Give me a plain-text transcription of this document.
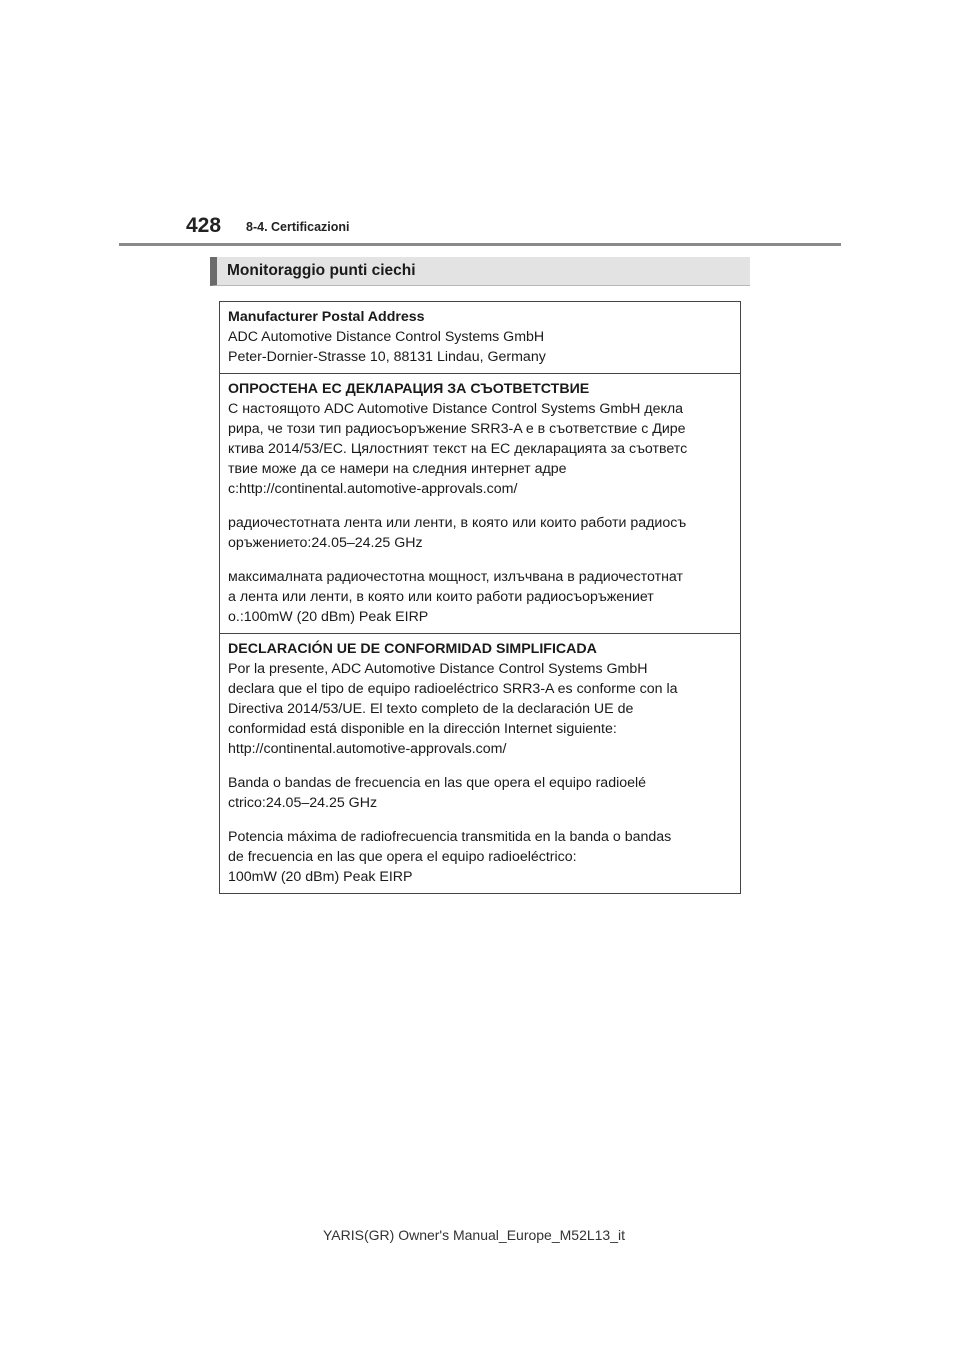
428 8-4. Certificazioni
Monitoraggio punti ciechi
Manufacturer Postal Address
ADC Automotive Distance Control Systems GmbH
Peter-Dornier-Strasse 10, 88131 Lindau, Germany
ОПРОСТЕНА ЕС ДЕКЛАРАЦИЯ ЗА СЪОТВЕТСТВИЕ
С настоящото ADC Automotive Distance Control Systems GmbH декла
рира, че този тип радиосъоръжение SRR3-A е в съответствие с Дире
ктива 2014/53/ЕС. Цялостният текст на ЕС декларацията за съответс
твие може да се намери на следния интернет адре
c:http://continental.automotive-approvals.com/
радиочестотната лента или ленти, в която или които работи радиосъ
оръжението:24.05–24.25 GHz
максималната радиочестотна мощност, излъчвана в радиочестотнат
а лента или ленти, в която или които работи радиосъоръжениет
о.:100mW (20 dBm) Peak EIRP
DECLARACIÓN UE DE CONFORMIDAD SIMPLIFICADA
Por la presente, ADC Automotive Distance Control Systems GmbH
declara que el tipo de equipo radioeléctrico SRR3-A es conforme con la
Directiva 2014/53/UE. El texto completo de la declaración UE de
conformidad está disponible en la dirección Internet siguiente:
http://continental.automotive-approvals.com/
Banda o bandas de frecuencia en las que opera el equipo radioelé
ctrico:24.05–24.25 GHz
Potencia máxima de radiofrecuencia transmitida en la banda o bandas
de frecuencia en las que opera el equipo radioeléctrico:
100mW (20 dBm) Peak EIRP
YARIS(GR) Owner's Manual_Europe_M52L13_it
